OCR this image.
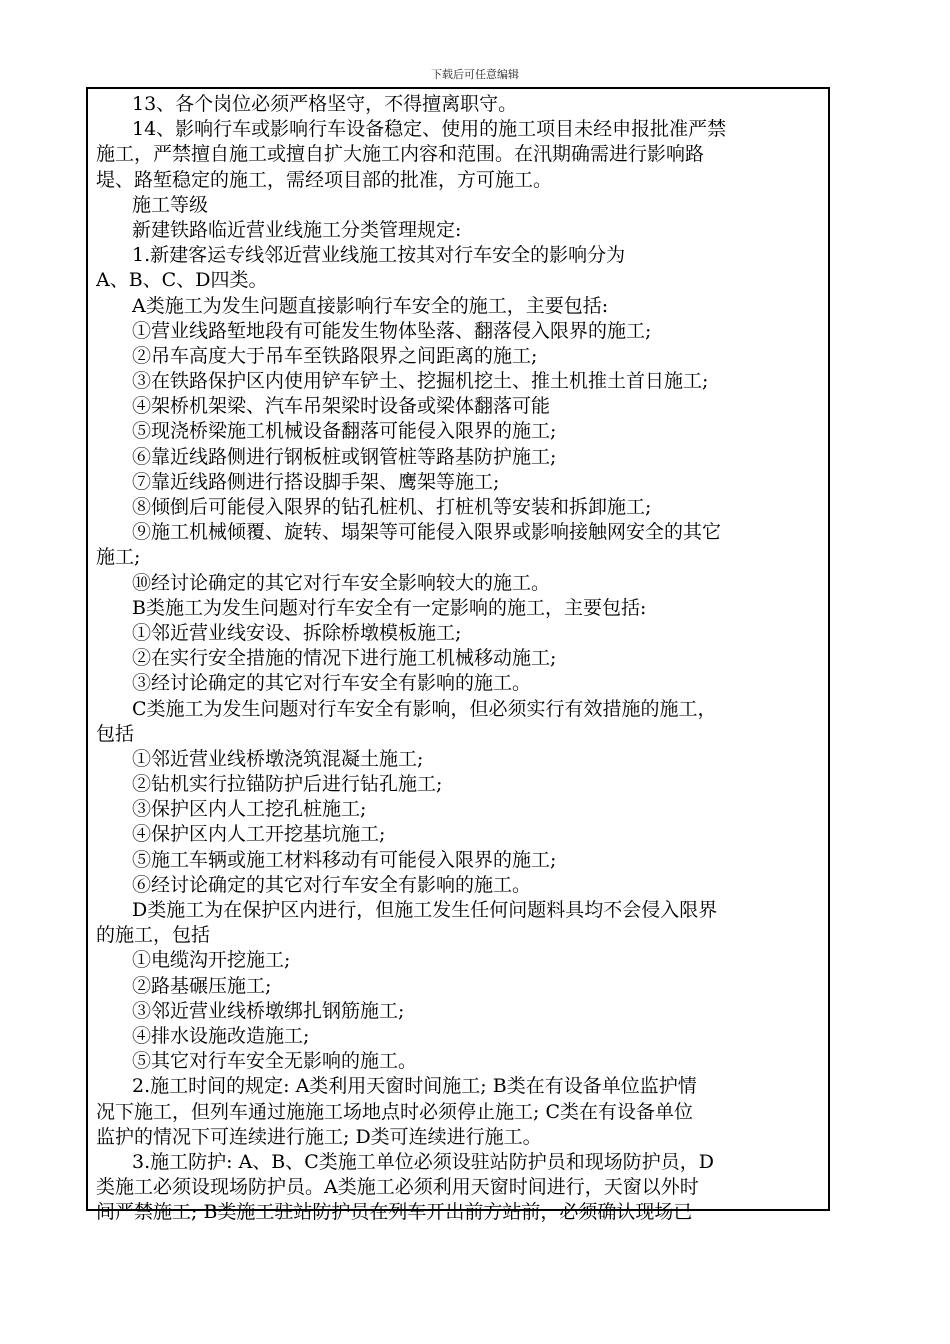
下载后可任意编辑
13、各个岗位必须严格坚守，不得擅离职守。
14、影响行车或影响行车设备稳定、使用的施工项目未经申报批准严禁
施工，严禁擅自施工或擅自扩大施工内容和范围。在汛期确需进行影响路
堤、路堑稳定的施工，需经项目部的批准，方可施工。
施工等级
新建铁路临近营业线施工分类管理规定:
1.新建客运专线邻近营业线施工按其对行车安全的影响分为
A、B、C、D四类。
A类施工为发生问题直接影响行车安全的施工，主要包括:
①营业线路堑地段有可能发生物体坠落、翻落侵入限界的施工;
②吊车高度大于吊车至铁路限界之间距离的施工;
③在铁路保护区内使用铲车铲土、挖掘机挖土、推土机推土首日施工;
④架桥机架梁、汽车吊架梁时设备或梁体翻落可能
⑤现浇桥梁施工机械设备翻落可能侵入限界的施工;
⑥靠近线路侧进行钢板桩或钢管桩等路基防护施工;
⑦靠近线路侧进行搭设脚手架、鹰架等施工;
⑧倾倒后可能侵入限界的钻孔桩机、打桩机等安装和拆卸施工;
⑨施工机械倾覆、旋转、塌架等可能侵入限界或影响接触网安全的其它
施工;
⑩经讨论确定的其它对行车安全影响较大的施工。
B类施工为发生问题对行车安全有一定影响的施工，主要包括:
①邻近营业线安设、拆除桥墩模板施工;
②在实行安全措施的情况下进行施工机械移动施工;
③经讨论确定的其它对行车安全有影响的施工。
C类施工为发生问题对行车安全有影响，但必须实行有效措施的施工，
包括
①邻近营业线桥墩浇筑混凝土施工;
②钻机实行拉锚防护后进行钻孔施工;
③保护区内人工挖孔桩施工;
④保护区内人工开挖基坑施工;
⑤施工车辆或施工材料移动有可能侵入限界的施工;
⑥经讨论确定的其它对行车安全有影响的施工。
D类施工为在保护区内进行，但施工发生任何问题料具均不会侵入限界
的施工，包括
①电缆沟开挖施工;
②路基碾压施工;
③邻近营业线桥墩绑扎钢筋施工;
④排水设施改造施工;
⑤其它对行车安全无影响的施工。
2.施工时间的规定: A类利用天窗时间施工; B类在有设备单位监护情
况下施工，但列车通过施施工场地点时必须停止施工; C类在有设备单位
监护的情况下可连续进行施工; D类可连续进行施工。
3.施工防护: A、B、C类施工单位必须设驻站防护员和现场防护员，D
类施工必须设现场防护员。A类施工必须利用天窗时间进行，天窗以外时
间严禁施工; B类施工驻站防护员在列车开出前方站前，必须确认现场已
